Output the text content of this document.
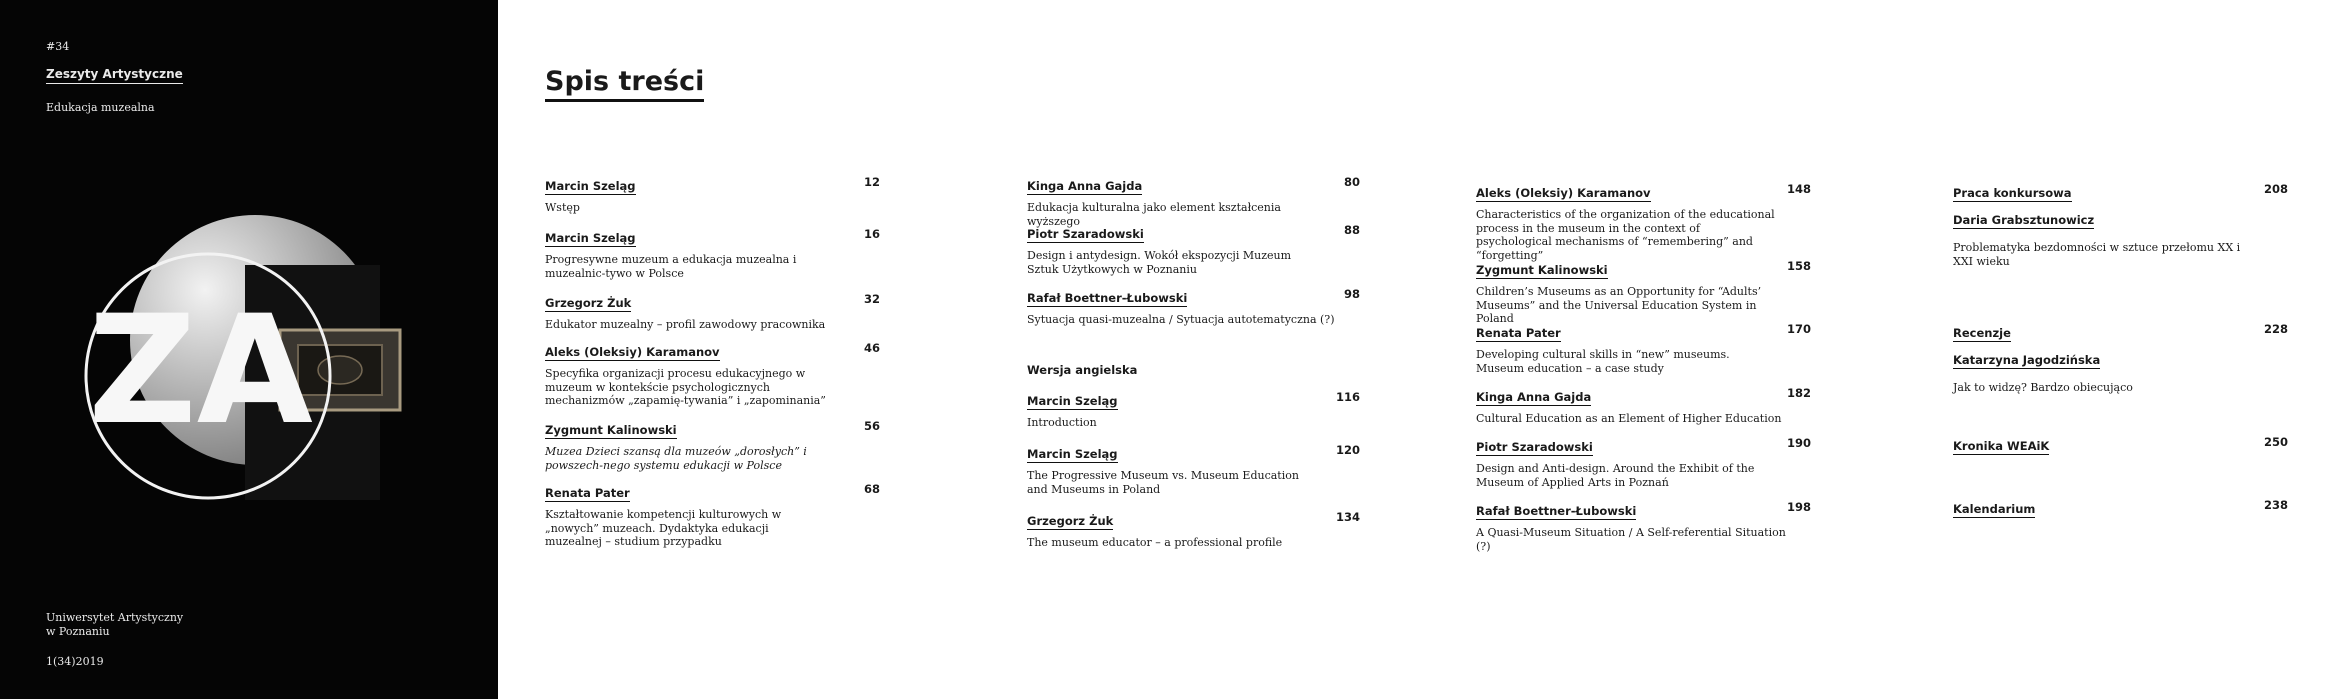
#34
Zeszyty Artystyczne
Edukacja muzealna
ZA
Uniwersytet Artystyczny
w Poznaniu
1(34)2019
Spis treści
Marcin Szeląg	12
Wstęp
Marcin Szeląg	16
Progresywne muzeum a edukacja muzealna i muzealnic-tywo w Polsce
Grzegorz Żuk	32
Edukator muzealny – profil zawodowy pracownika
Aleks (Oleksiy) Karamanov	46
Specyfika organizacji procesu edukacyjnego w muzeum w kontekście psychologicznych mechanizmów „zapamię-tywania” i „zapominania”
Zygmunt Kalinowski	56
Muzea Dzieci szansą dla muzeów „dorosłych” i powszech-nego systemu edukacji w Polsce
Renata Pater	68
Kształtowanie kompetencji kulturowych w „nowych” muzeach. Dydaktyka edukacji muzealnej – studium przypadku
Kinga Anna Gajda	80
Edukacja kulturalna jako element kształcenia wyższego
Piotr Szaradowski	88
Design i antydesign. Wokół ekspozycji Muzeum Sztuk Użytkowych w Poznaniu
Rafał Boettner-Łubowski	98
Sytuacja quasi-muzealna / Sytuacja autotematyczna (?)
Wersja angielska
Marcin Szeląg	116
Introduction
Marcin Szeląg	120
The Progressive Museum vs. Museum Education and Museums in Poland
Grzegorz Żuk	134
The museum educator – a professional profile
Aleks (Oleksiy) Karamanov	148
Characteristics of the organization of the educational process in the museum in the context of psychological mechanisms of “remembering” and “forgetting”
Zygmunt Kalinowski	158
Children’s Museums as an Opportunity for “Adults’ Museums” and the Universal Education System in Poland
Renata Pater	170
Developing cultural skills in “new” museums. Museum education – a case study
Kinga Anna Gajda	182
Cultural Education as an Element of Higher Education
Piotr Szaradowski	190
Design and Anti-design. Around the Exhibit of the Museum of Applied Arts in Poznań
Rafał Boettner-Łubowski	198
A Quasi-Museum Situation / A Self-referential Situation (?)
Praca konkursowa	208
Daria Grabsztunowicz
Problematyka bezdomności w sztuce przełomu XX i XXI wieku
Recenzje	228
Katarzyna Jagodzińska
Jak to widzę? Bardzo obiecująco
Kronika WEAiK	250
Kalendarium	238
